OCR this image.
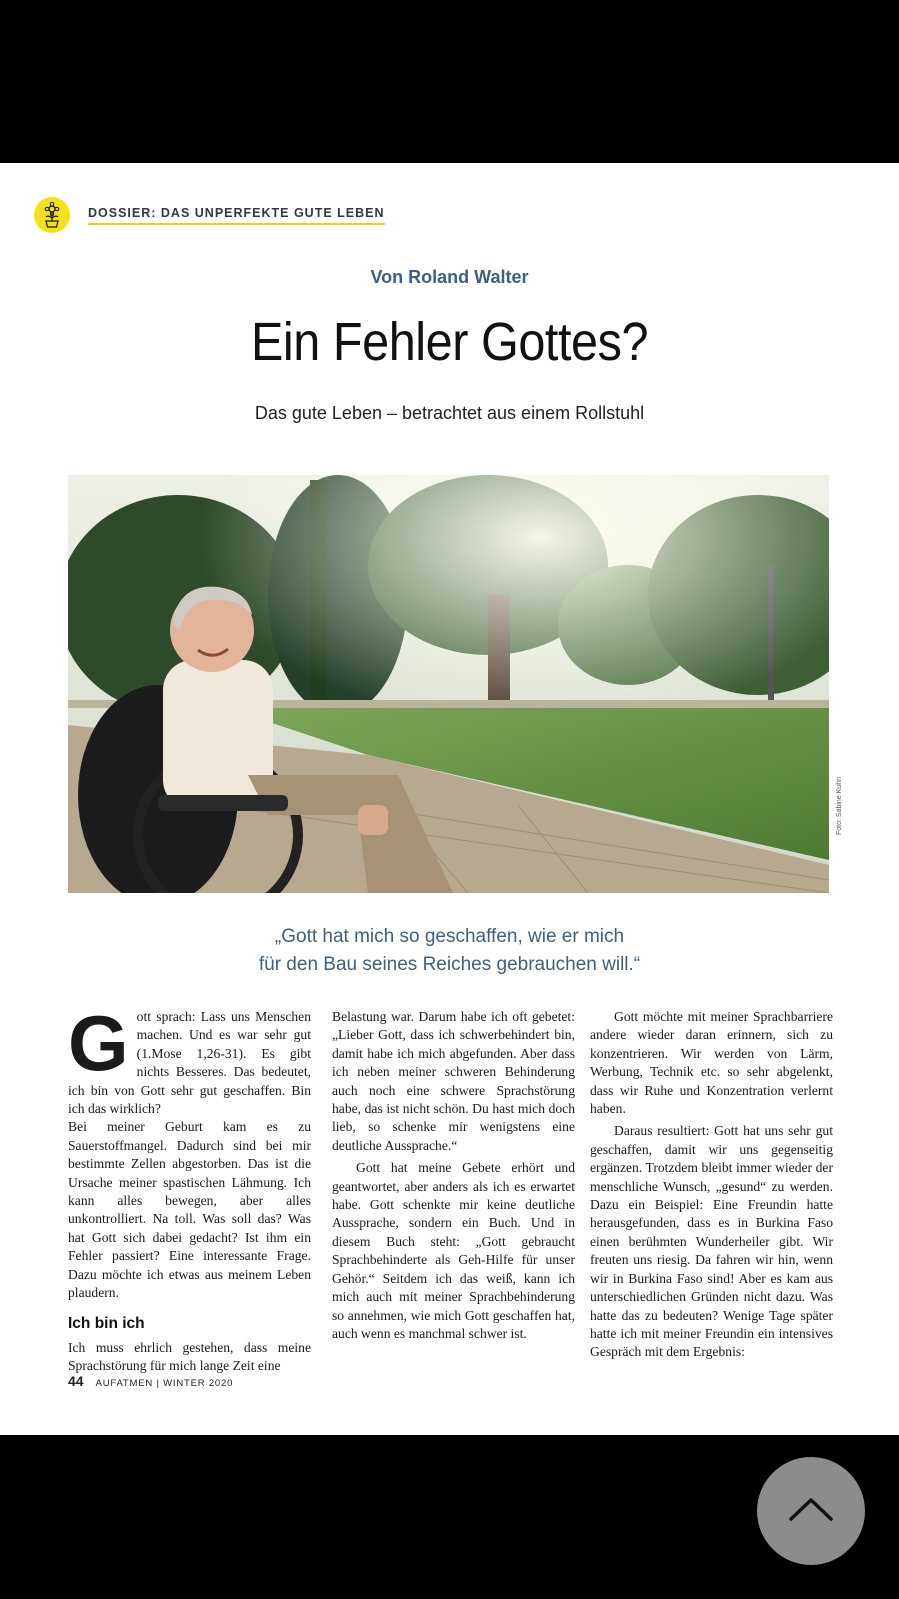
DOSSIER: DAS UNPERFEKTE GUTE LEBEN
Von Roland Walter
Ein Fehler Gottes?
Das gute Leben – betrachtet aus einem Rollstuhl
Foto: Sabine Kuhn
„Gott hat mich so geschaffen, wie er mich
für den Bau seines Reiches gebrauchen will.“

Gott sprach: Lass uns Menschen machen. Und es war sehr gut (1.Mose 1,26-31). Es gibt nichts Besseres. Das bedeutet, ich bin von Gott sehr gut geschaffen. Bin ich das wirklich?

Bei meiner Geburt kam es zu Sauerstoffmangel. Dadurch sind bei mir bestimmte Zellen abgestorben. Das ist die Ursache meiner spastischen Lähmung. Ich kann alles bewegen, aber alles unkontrolliert. Na toll. Was soll das? Was hat Gott sich dabei gedacht? Ist ihm ein Fehler passiert? Eine interessante Frage. Dazu möchte ich etwas aus meinem Leben plaudern.

Ich bin ich

Ich muss ehrlich gestehen, dass meine Sprachstörung für mich lange Zeit eine

Belastung war. Darum habe ich oft gebetet: „Lieber Gott, dass ich schwerbehindert bin, damit habe ich mich abgefunden. Aber dass ich neben meiner schweren Behinderung auch noch eine schwere Sprachstörung habe, das ist nicht schön. Du hast mich doch lieb, so schenke mir wenigstens eine deutliche Aussprache.“

Gott hat meine Gebete erhört und geantwortet, aber anders als ich es erwartet habe. Gott schenkte mir keine deutliche Aussprache, sondern ein Buch. Und in diesem Buch steht: „Gott gebraucht Sprachbehinderte als Geh-Hilfe für unser Gehör.“ Seitdem ich das weiß, kann ich mich auch mit meiner Sprachbehinderung so annehmen, wie mich Gott geschaffen hat, auch wenn es manchmal schwer ist.

Gott möchte mit meiner Sprachbarriere andere wieder daran erinnern, sich zu konzentrieren. Wir werden von Lärm, Werbung, Technik etc. so sehr abgelenkt, dass wir Ruhe und Konzentration verlernt haben.

Daraus resultiert: Gott hat uns sehr gut geschaffen, damit wir uns gegenseitig ergänzen. Trotzdem bleibt immer wieder der menschliche Wunsch, „gesund“ zu werden. Dazu ein Beispiel: Eine Freundin hatte herausgefunden, dass es in Burkina Faso einen berühmten Wunderheiler gibt. Wir freuten uns riesig. Da fahren wir hin, wenn wir in Burkina Faso sind! Aber es kam aus unterschiedlichen Gründen nicht dazu. Was hatte das zu bedeuten? Wenige Tage später hatte ich mit meiner Freundin ein intensives Gespräch mit dem Ergebnis:

44 AUFATMEN | WINTER 2020
